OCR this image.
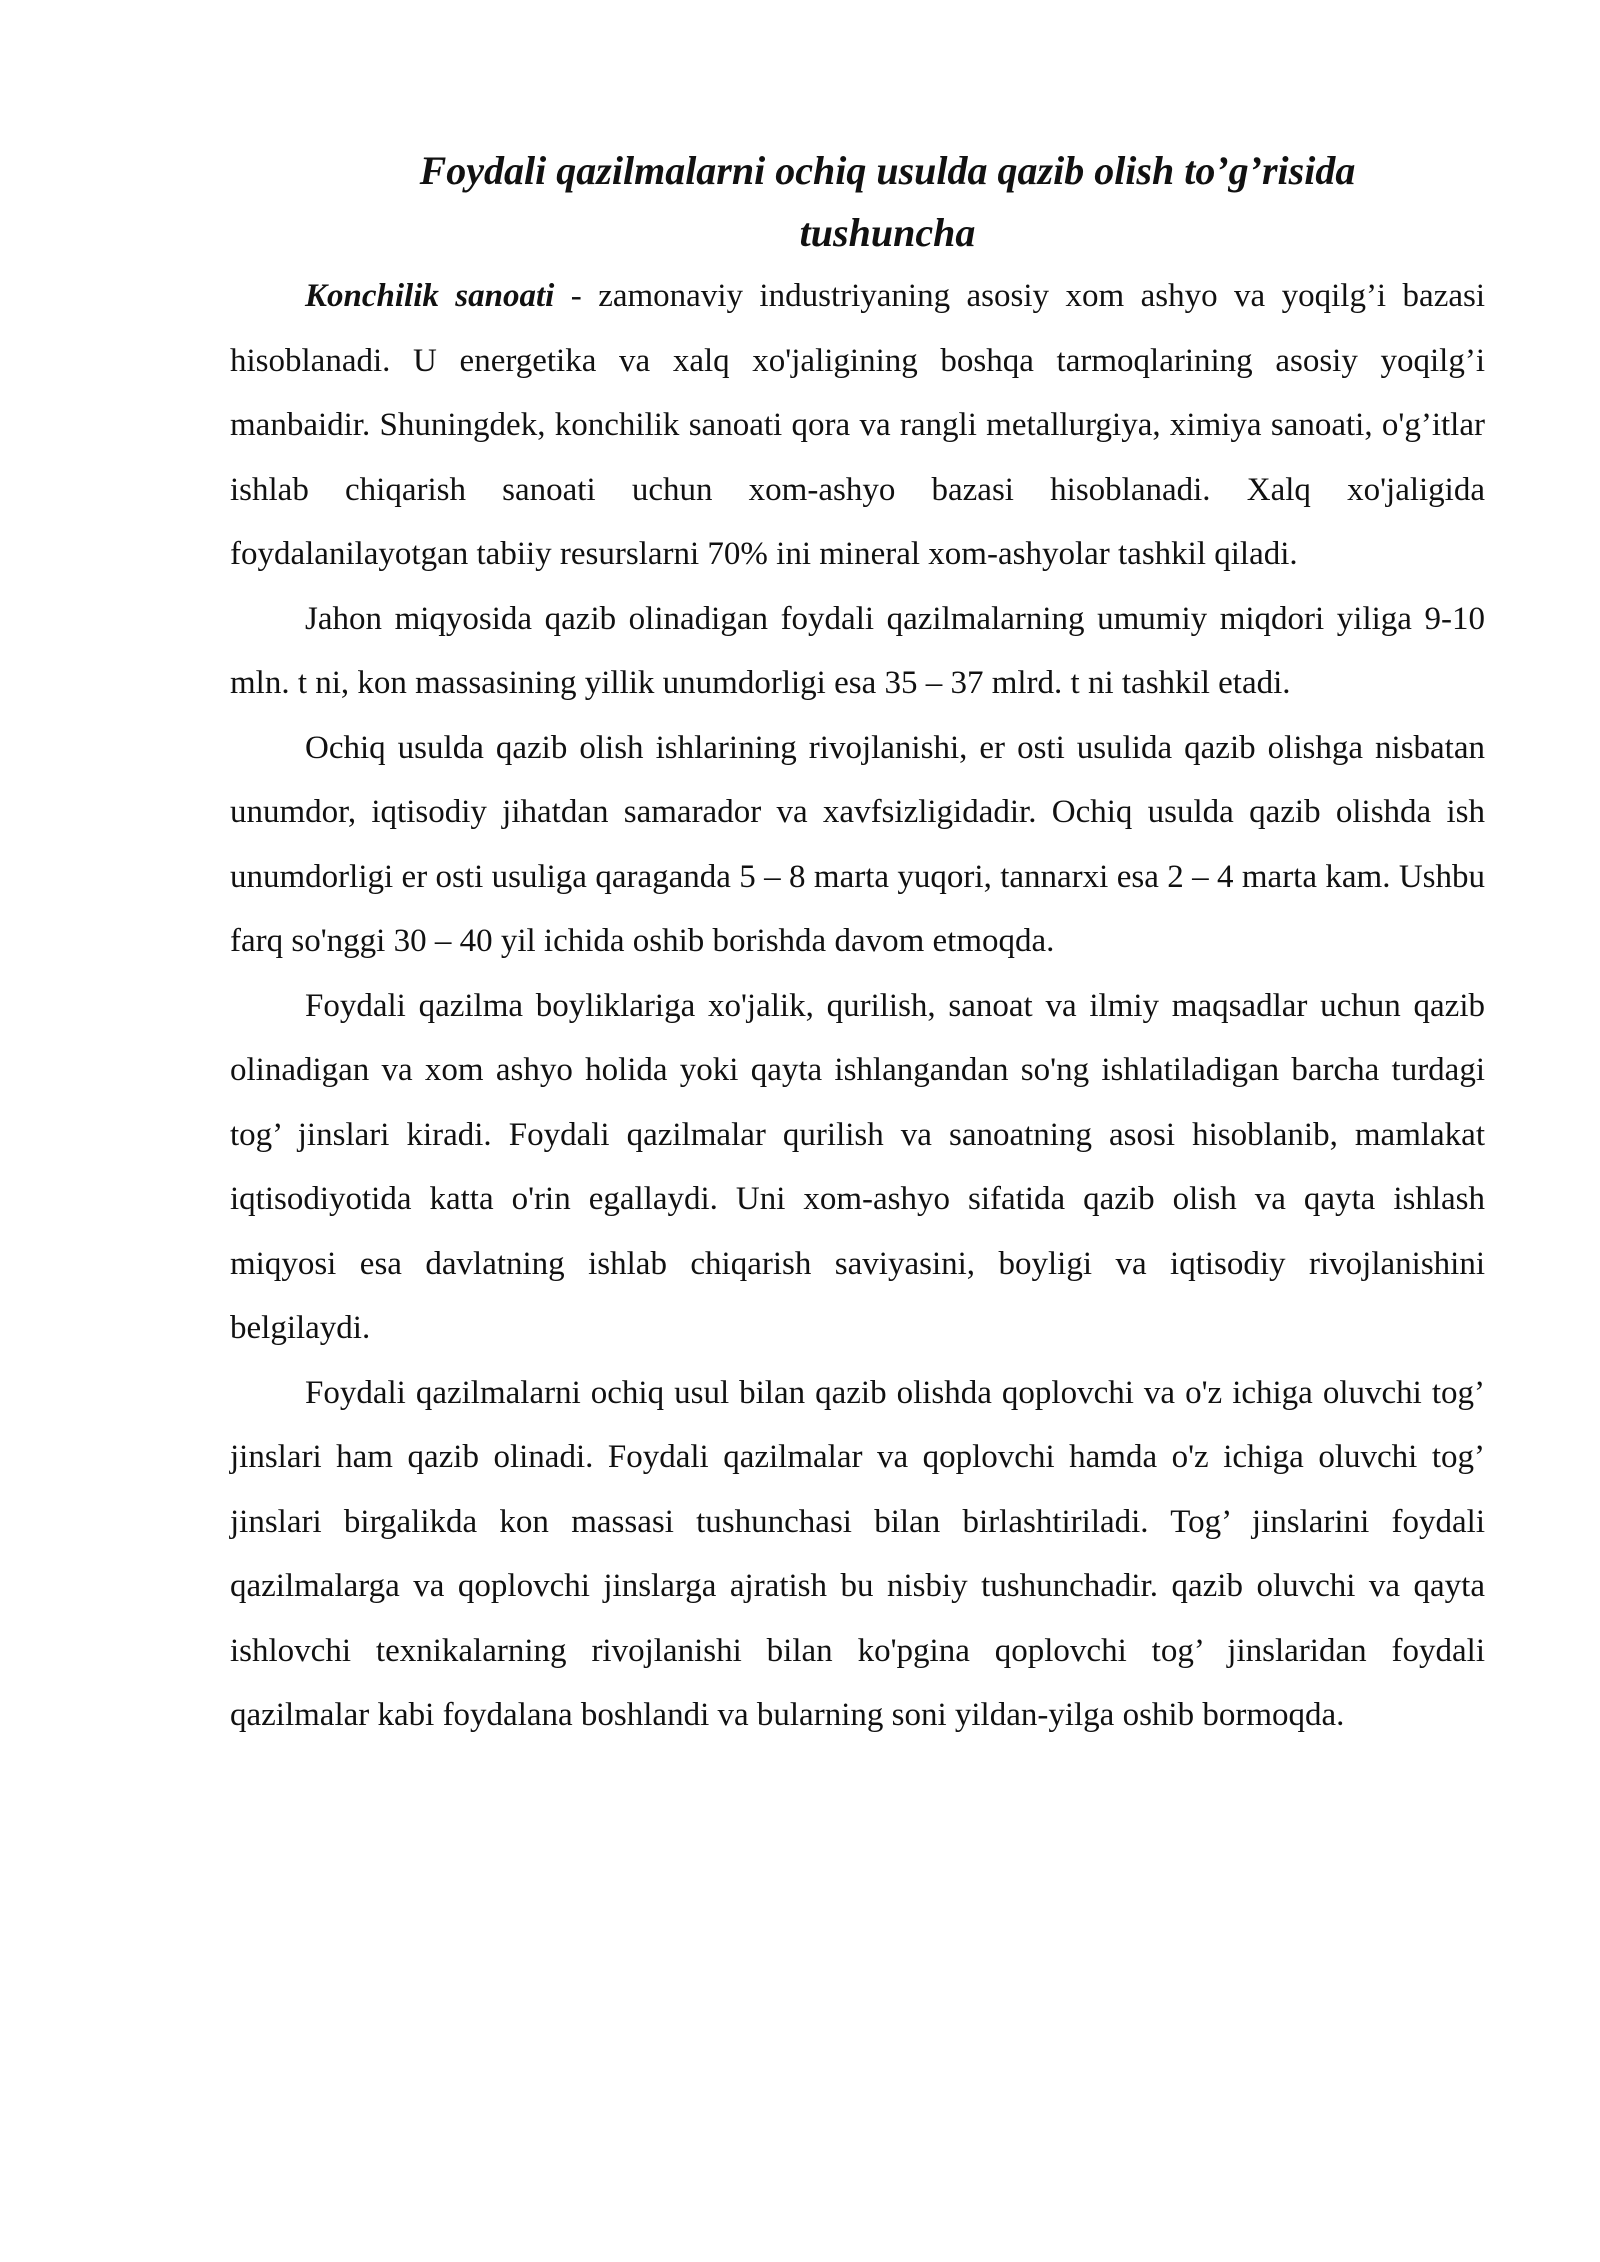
Foydali qazilmalarni ochiq usulda qazib olish to’g’risida
tushuncha

Konchilik sanoati - zamonaviy industriyaning asosiy xom ashyo va yoqilg’i bazasi hisoblanadi. U energetika va xalq xo'jaligining boshqa tarmoqlarining asosiy yoqilg’i manbaidir. Shuningdek, konchilik sanoati qora va rangli metallurgiya, ximiya sanoati, o'g’itlar ishlab chiqarish sanoati uchun xom-ashyo bazasi hisoblanadi. Xalq xo'jaligida foydalanilayotgan tabiiy resurslarni 70% ini mineral xom-ashyolar tashkil qiladi.

Jahon miqyosida qazib olinadigan foydali qazilmalarning umumiy miqdori yiliga 9-10 mln. t ni, kon massasining yillik unumdorligi esa 35 – 37 mlrd. t ni tashkil etadi.

Ochiq usulda qazib olish ishlarining rivojlanishi, er osti usulida qazib olishga nisbatan unumdor, iqtisodiy jihatdan samarador va xavfsizligidadir. Ochiq usulda qazib olishda ish unumdorligi er osti usuliga qaraganda 5 – 8 marta yuqori, tannarxi esa 2 – 4 marta kam. Ushbu farq so'nggi 30 – 40 yil ichida oshib borishda davom etmoqda.

Foydali qazilma boyliklariga xo'jalik, qurilish, sanoat va ilmiy maqsadlar uchun qazib olinadigan va xom ashyo holida yoki qayta ishlangandan so'ng ishlatiladigan barcha turdagi tog’ jinslari kiradi. Foydali qazilmalar qurilish va sanoatning asosi hisoblanib, mamlakat iqtisodiyotida katta o'rin egallaydi. Uni xom-ashyo sifatida qazib olish va qayta ishlash miqyosi esa davlatning ishlab chiqarish saviyasini, boyligi va iqtisodiy rivojlanishini belgilaydi.

Foydali qazilmalarni ochiq usul bilan qazib olishda qoplovchi va o'z ichiga oluvchi tog’ jinslari ham qazib olinadi. Foydali qazilmalar va qoplovchi hamda o'z ichiga oluvchi tog’ jinslari birgalikda kon massasi tushunchasi bilan birlashtiriladi. Tog’ jinslarini foydali qazilmalarga va qoplovchi jinslarga ajratish bu nisbiy tushunchadir. qazib oluvchi va qayta ishlovchi texnikalarning rivojlanishi bilan ko'pgina qoplovchi tog’ jinslaridan foydali qazilmalar kabi foydalana boshlandi va bularning soni yildan-yilga oshib bormoqda.
